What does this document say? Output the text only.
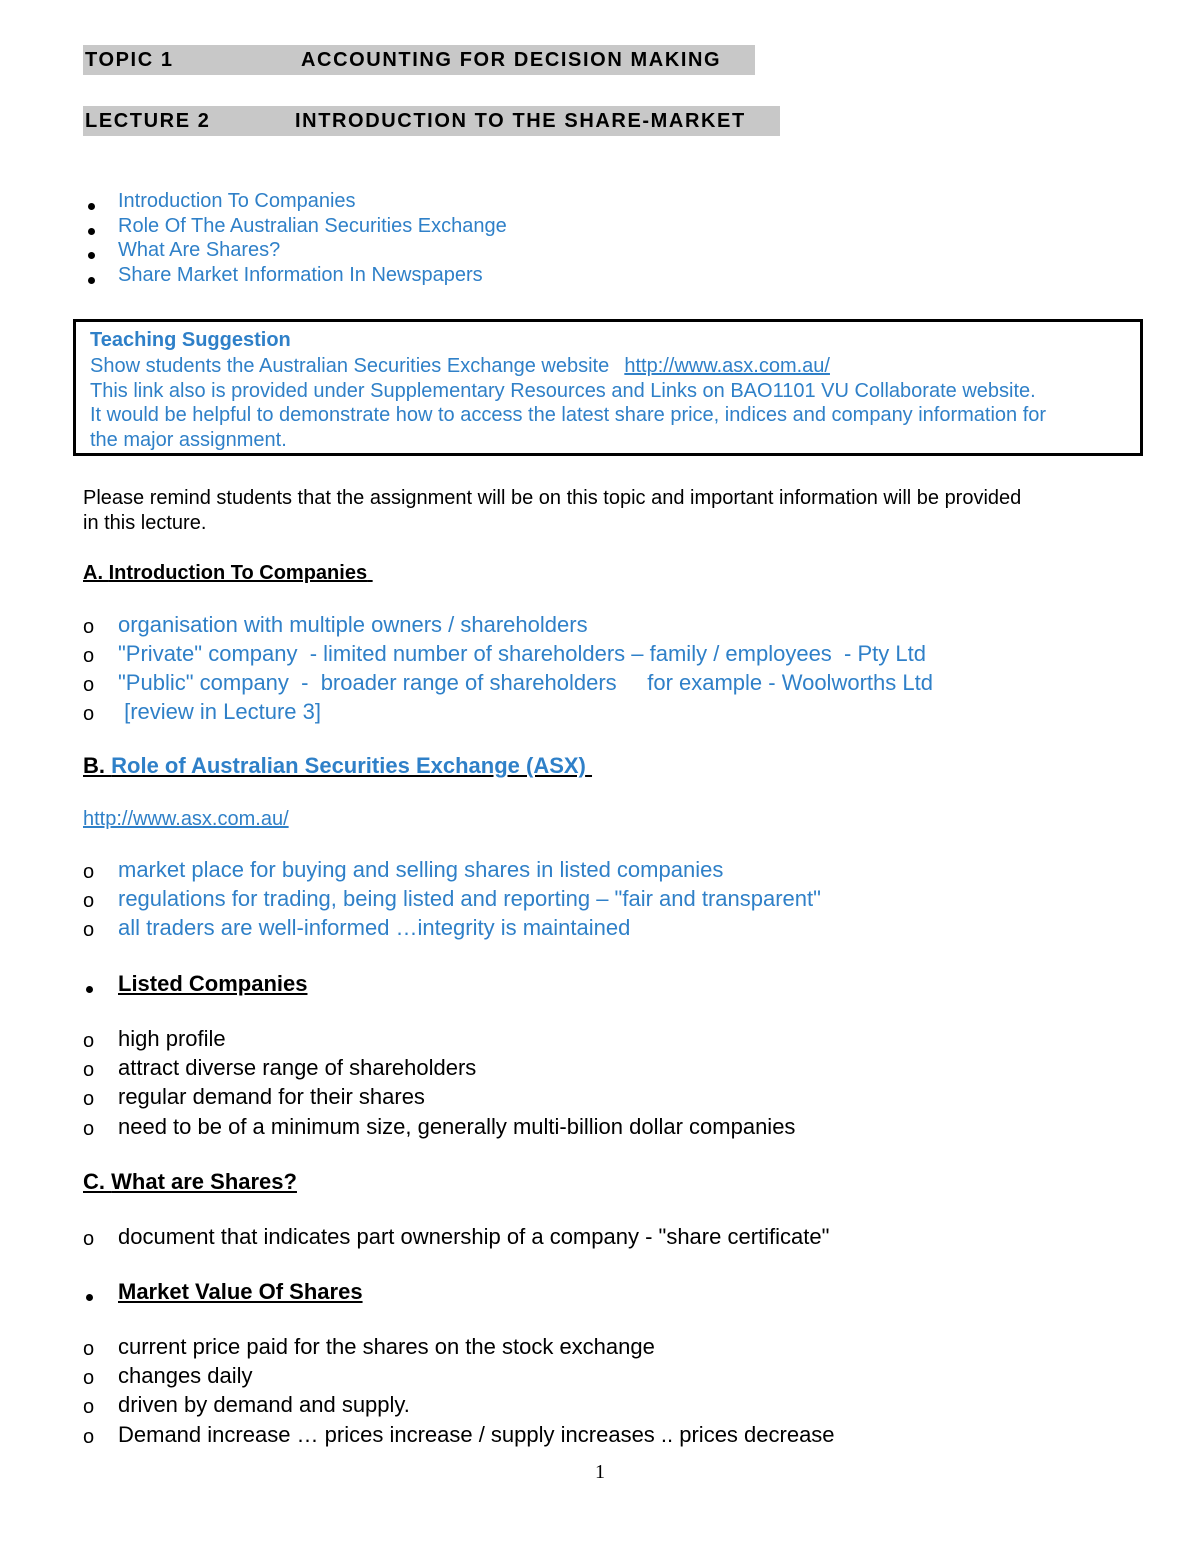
TOPIC 1	ACCOUNTING FOR DECISION MAKING
LECTURE 2	INTRODUCTION TO THE SHARE-MARKET
Introduction To Companies
Role Of The Australian Securities Exchange
What Are Shares?
Share Market Information In Newspapers
Teaching Suggestion
Show students the Australian Securities Exchange website http://www.asx.com.au/
This link also is provided under Supplementary Resources and Links on BAO1101 VU Collaborate website.
It would be helpful to demonstrate how to access the latest share price, indices and company information for
the major assignment.
Please remind students that the assignment will be on this topic and important information will be provided
in this lecture.
A. Introduction To Companies
o organisation with multiple owners / shareholders
o "Private" company  - limited number of shareholders – family / employees  - Pty Ltd
o "Public" company  -  broader range of shareholders     for example - Woolworths Ltd
o [review in Lecture 3]
B. Role of Australian Securities Exchange (ASX)
http://www.asx.com.au/
o market place for buying and selling shares in listed companies
o regulations for trading, being listed and reporting – "fair and transparent"
o all traders are well-informed …integrity is maintained
Listed Companies
o high profile
o attract diverse range of shareholders
o regular demand for their shares
o need to be of a minimum size, generally multi-billion dollar companies
C. What are Shares?
o document that indicates part ownership of a company - "share certificate"
Market Value Of Shares
o current price paid for the shares on the stock exchange
o changes daily
o driven by demand and supply.
o Demand increase … prices increase / supply increases .. prices decrease
1
